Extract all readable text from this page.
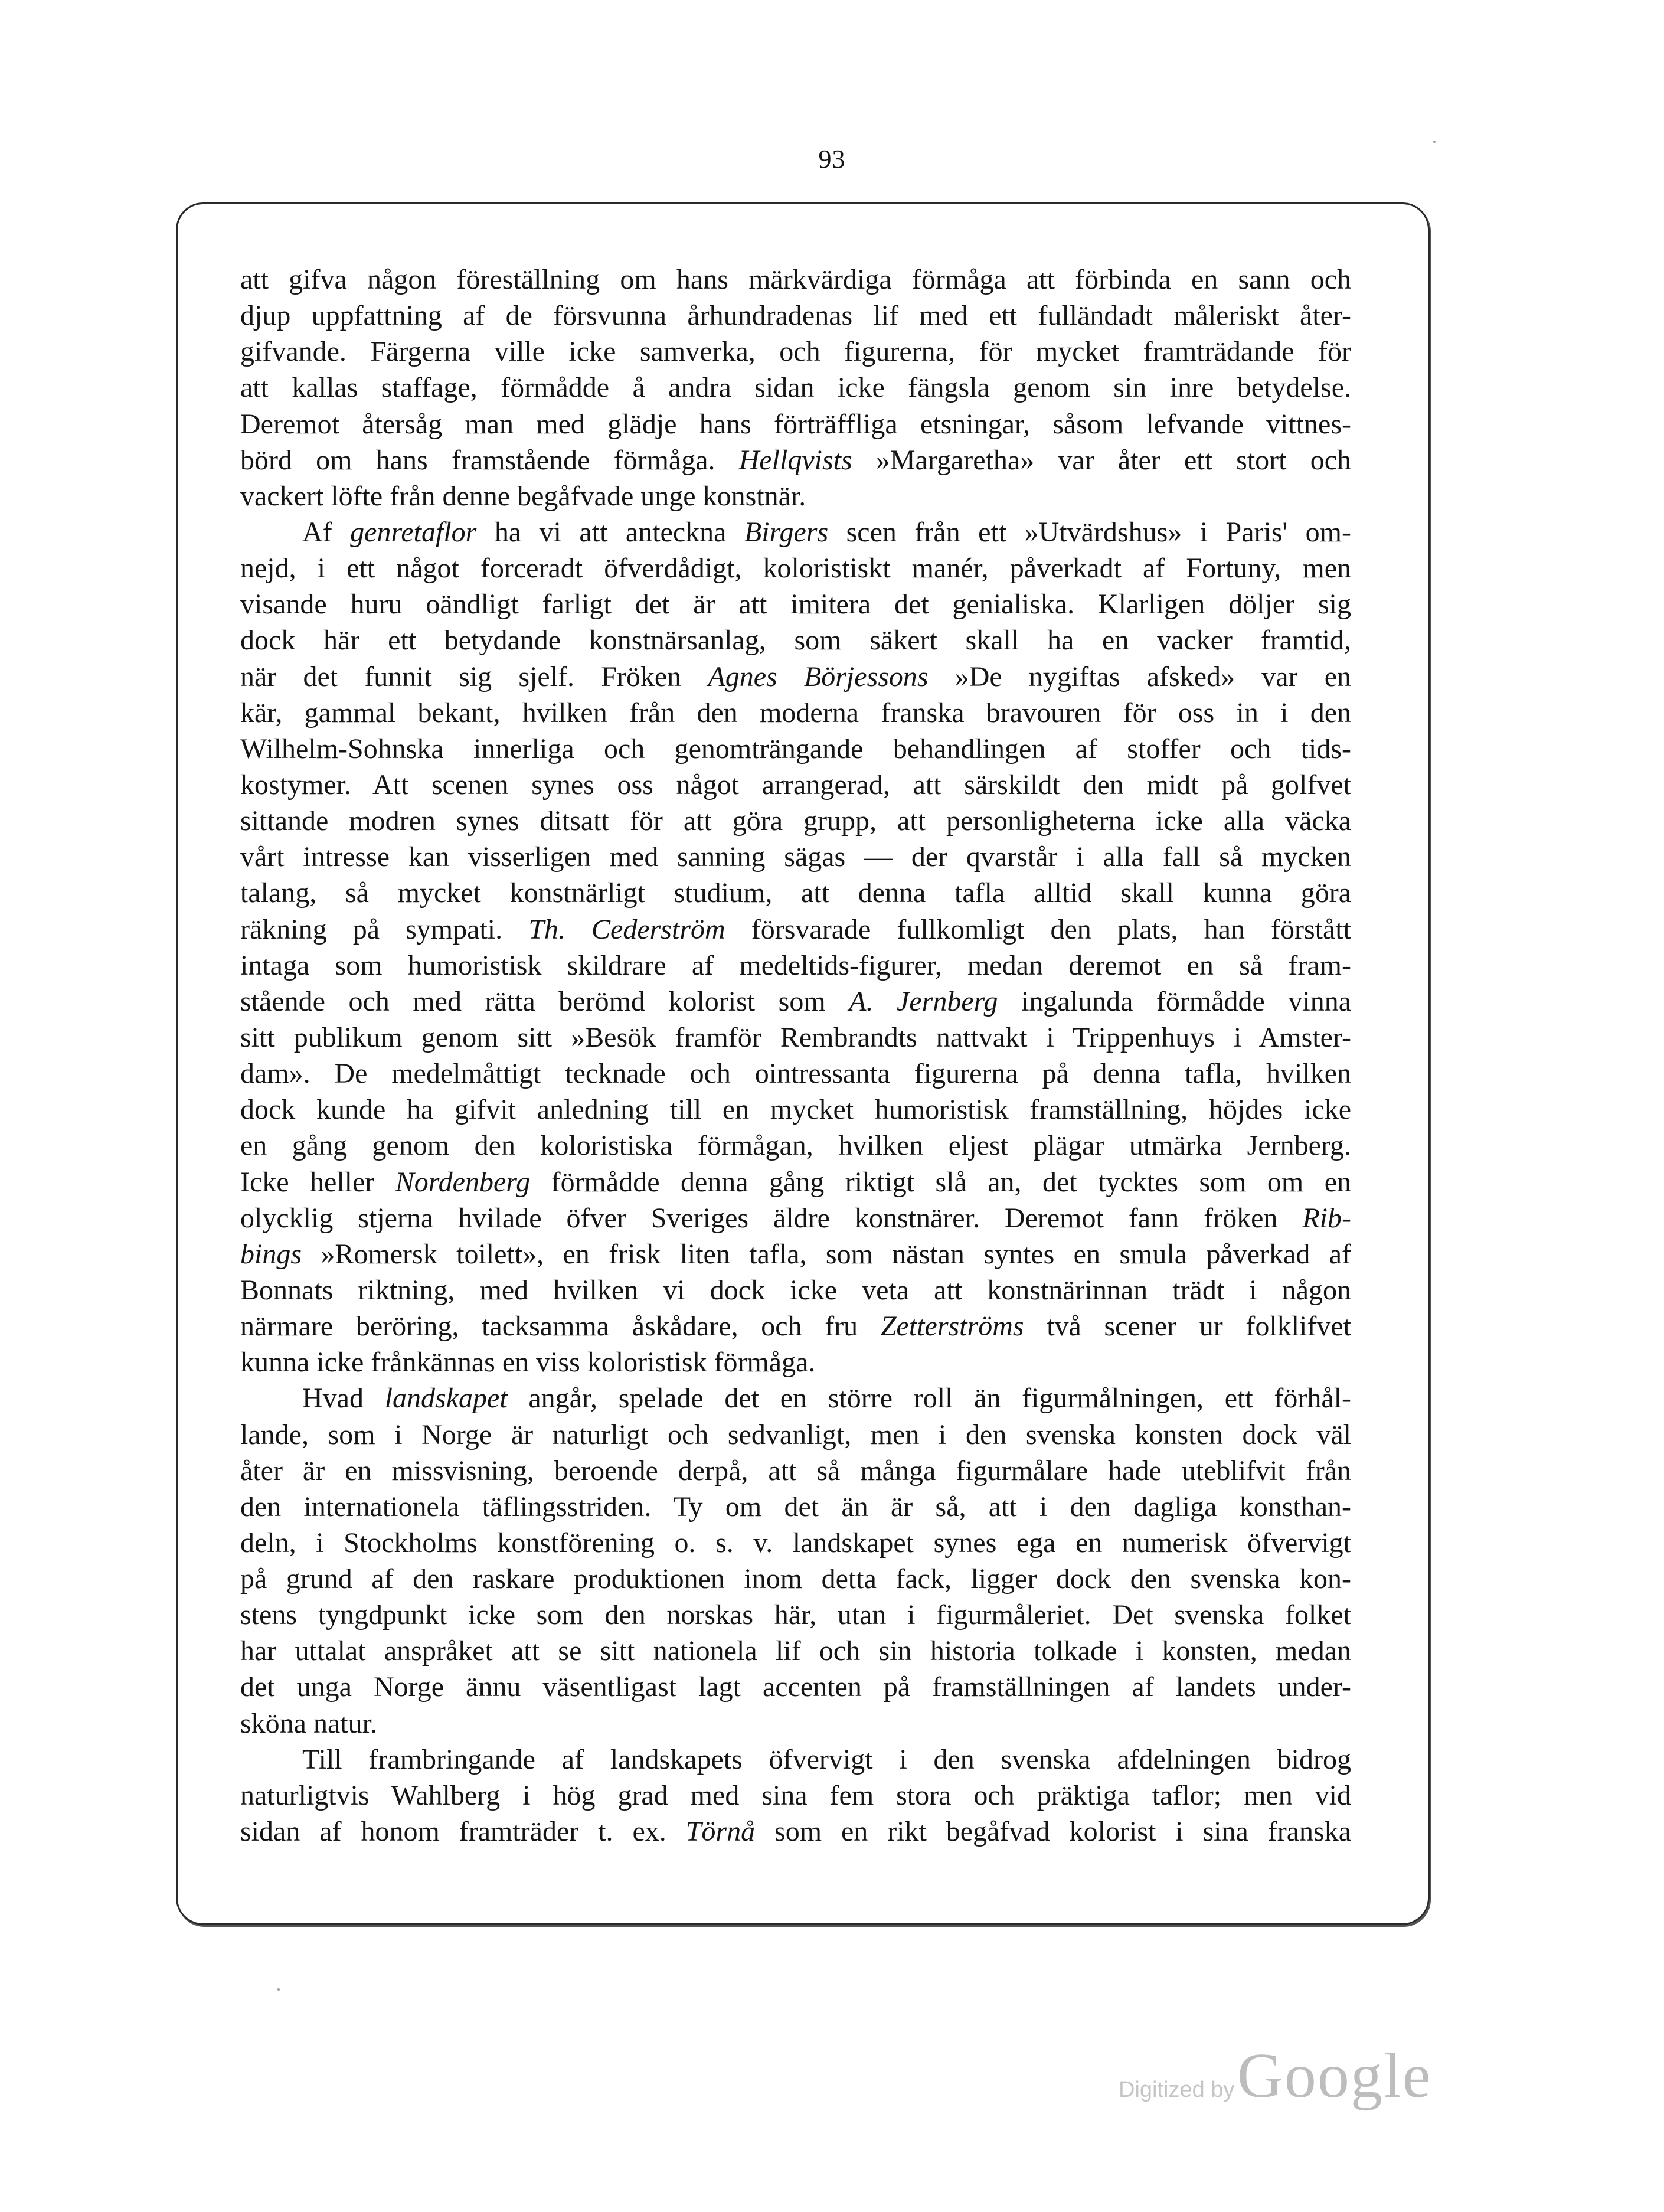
93
att gifva någon föreställning om hans märkvärdiga förmåga att förbinda en sann och
djup uppfattning af de försvunna århundradenas lif med ett fulländadt måleriskt åter-
gifvande. Färgerna ville icke samverka, och figurerna, för mycket framträdande för
att kallas staffage, förmådde å andra sidan icke fängsla genom sin inre betydelse.
Deremot återsåg man med glädje hans förträffliga etsningar, såsom lefvande vittnes-
börd om hans framstående förmåga. Hellqvists »Margaretha» var åter ett stort och
vackert löfte från denne begåfvade unge konstnär.
Af genretaflor ha vi att anteckna Birgers scen från ett »Utvärdshus» i Paris' om-
nejd, i ett något forceradt öfverdådigt, koloristiskt manér, påverkadt af Fortuny, men
visande huru oändligt farligt det är att imitera det genialiska. Klarligen döljer sig
dock här ett betydande konstnärsanlag, som säkert skall ha en vacker framtid,
när det funnit sig sjelf. Fröken Agnes Börjessons »De nygiftas afsked» var en
kär, gammal bekant, hvilken från den moderna franska bravouren för oss in i den
Wilhelm-Sohnska innerliga och genomträngande behandlingen af stoffer och tids-
kostymer. Att scenen synes oss något arrangerad, att särskildt den midt på golfvet
sittande modren synes ditsatt för att göra grupp, att personligheterna icke alla väcka
vårt intresse kan visserligen med sanning sägas — der qvarstår i alla fall så mycken
talang, så mycket konstnärligt studium, att denna tafla alltid skall kunna göra
räkning på sympati. Th. Cederström försvarade fullkomligt den plats, han förstått
intaga som humoristisk skildrare af medeltids-figurer, medan deremot en så fram-
stående och med rätta berömd kolorist som A. Jernberg ingalunda förmådde vinna
sitt publikum genom sitt »Besök framför Rembrandts nattvakt i Trippenhuys i Amster-
dam». De medelmåttigt tecknade och ointressanta figurerna på denna tafla, hvilken
dock kunde ha gifvit anledning till en mycket humoristisk framställning, höjdes icke
en gång genom den koloristiska förmågan, hvilken eljest plägar utmärka Jernberg.
Icke heller Nordenberg förmådde denna gång riktigt slå an, det tycktes som om en
olycklig stjerna hvilade öfver Sveriges äldre konstnärer. Deremot fann fröken Rib-
bings »Romersk toilett», en frisk liten tafla, som nästan syntes en smula påverkad af
Bonnats riktning, med hvilken vi dock icke veta att konstnärinnan trädt i någon
närmare beröring, tacksamma åskådare, och fru Zetterströms två scener ur folklifvet
kunna icke frånkännas en viss koloristisk förmåga.
Hvad landskapet angår, spelade det en större roll än figurmålningen, ett förhål-
lande, som i Norge är naturligt och sedvanligt, men i den svenska konsten dock väl
åter är en missvisning, beroende derpå, att så många figurmålare hade uteblifvit från
den internationela täflingsstriden. Ty om det än är så, att i den dagliga konsthan-
deln, i Stockholms konstförening o. s. v. landskapet synes ega en numerisk öfvervigt
på grund af den raskare produktionen inom detta fack, ligger dock den svenska kon-
stens tyngdpunkt icke som den norskas här, utan i figurmåleriet. Det svenska folket
har uttalat anspråket att se sitt nationela lif och sin historia tolkade i konsten, medan
det unga Norge ännu väsentligast lagt accenten på framställningen af landets under-
sköna natur.
Till frambringande af landskapets öfvervigt i den svenska afdelningen bidrog
naturligtvis Wahlberg i hög grad med sina fem stora och präktiga taflor; men vid
sidan af honom framträder t. ex. Törnå som en rikt begåfvad kolorist i sina franska
Digitized by Google
